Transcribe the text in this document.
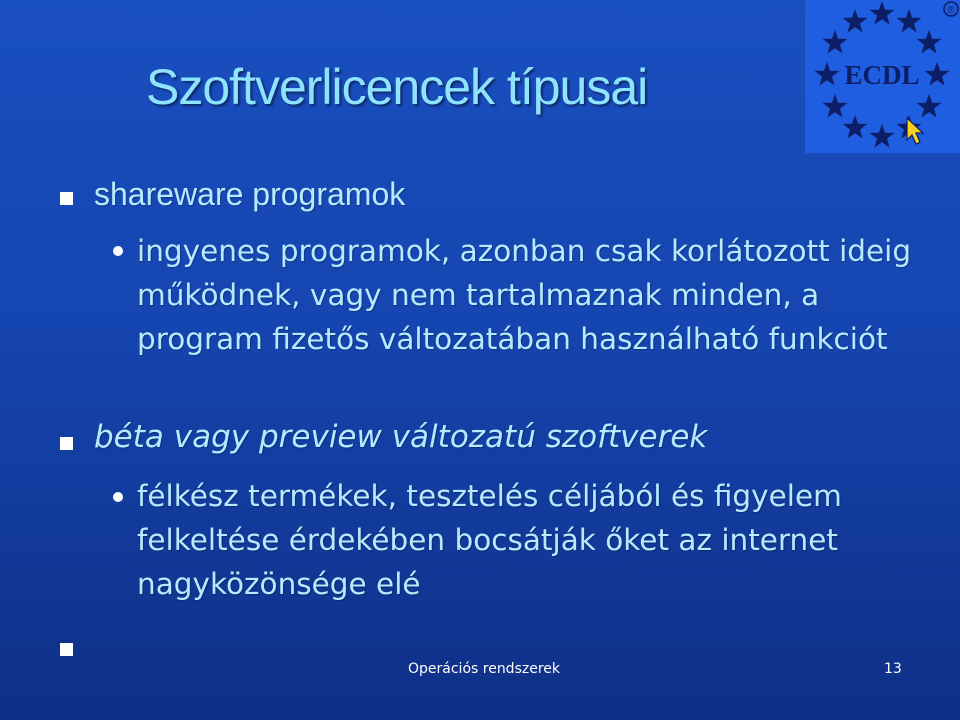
Szoftverlicencek típusai	ECDL
®
shareware programok
ingyenes programok, azonban csak korlátozott ideig működnek, vagy nem tartalmaznak minden, a program fizetős változatában használható funkciót
béta vagy preview változatú szoftverek
félkész termékek, tesztelés céljából és figyelem felkeltése érdekében bocsátják őket az internet nagyközönsége elé
Operációs rendszerek	13
